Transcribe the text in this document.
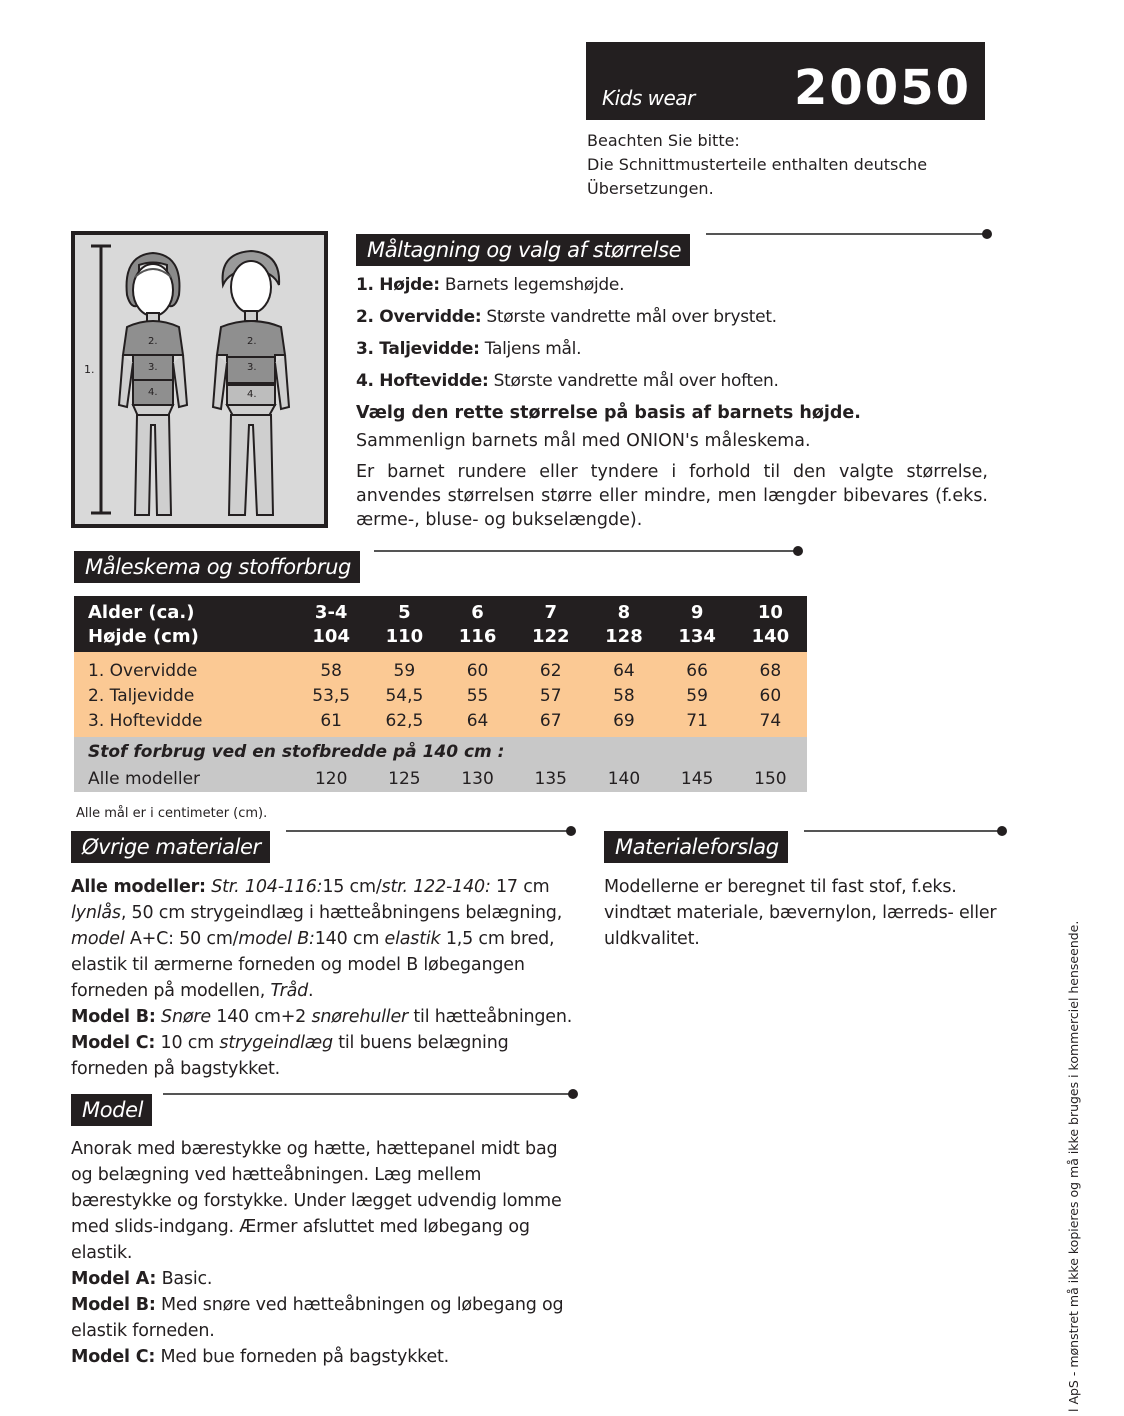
Kids wear 20050
Beachten Sie bitte:
Die Schnittmusterteile enthalten deutsche
Übersetzungen.
1.
2.
3.
4.
2.
3.
4.
Måltagning og valg af størrelse
1. Højde: Barnets legemshøjde.
2. Overvidde: Største vandrette mål over brystet.
3. Taljevidde: Taljens mål.
4. Hoftevidde: Største vandrette mål over hoften.
Vælg den rette størrelse på basis af barnets højde.
Sammenlign barnets mål med ONION's måleskema.
Er barnet rundere eller tyndere i forhold til den valgte størrelse, anvendes størrelsen større eller mindre, men længder bibevares (f.eks. ærme-, bluse- og bukselængde).
Måleskema og stofforbrug
Alder (ca.)	3-4	5	6	7	8	9	10
Højde (cm)	104	110	116	122	128	134	140
1. Overvidde	58	59	60	62	64	66	68
2. Taljevidde	53,5	54,5	55	57	58	59	60
3. Hoftevidde	61	62,5	64	67	69	71	74
Stof forbrug ved en stofbredde på 140 cm :							
Alle modeller	120	125	130	135	140	145	150
Alle mål er i centimeter (cm).
Øvrige materialer
Alle modeller: Str. 104-116:15 cm/str. 122-140: 17 cm lynlås, 50 cm strygeindlæg i hætteåbningens belægning, model A+C: 50 cm/model B:140 cm elastik 1,5 cm bred, elastik til ærmerne forneden og model B løbegangen forneden på modellen, Tråd.
Model B: Snøre 140 cm+2 snørehuller til hætteåbningen.
Model C: 10 cm strygeindlæg til buens belægning forneden på bagstykket.
Materialeforslag
Modellerne er beregnet til fast stof, f.eks. vindtæt materiale, bævernylon, lærreds- eller uldkvalitet.
Model
Anorak med bærestykke og hætte, hættepanel midt bag og belægning ved hætteåbningen. Læg mellem bærestykke og forstykke. Under lægget udvendig lomme med slids-indgang. Ærmer afsluttet med løbegang og elastik.
Model A: Basic.
Model B: Med snøre ved hætteåbningen og løbegang og elastik forneden.
Model C: Med bue forneden på bagstykket.	l ApS - mønstret må ikke kopieres og må ikke bruges i kommerciel henseende.
